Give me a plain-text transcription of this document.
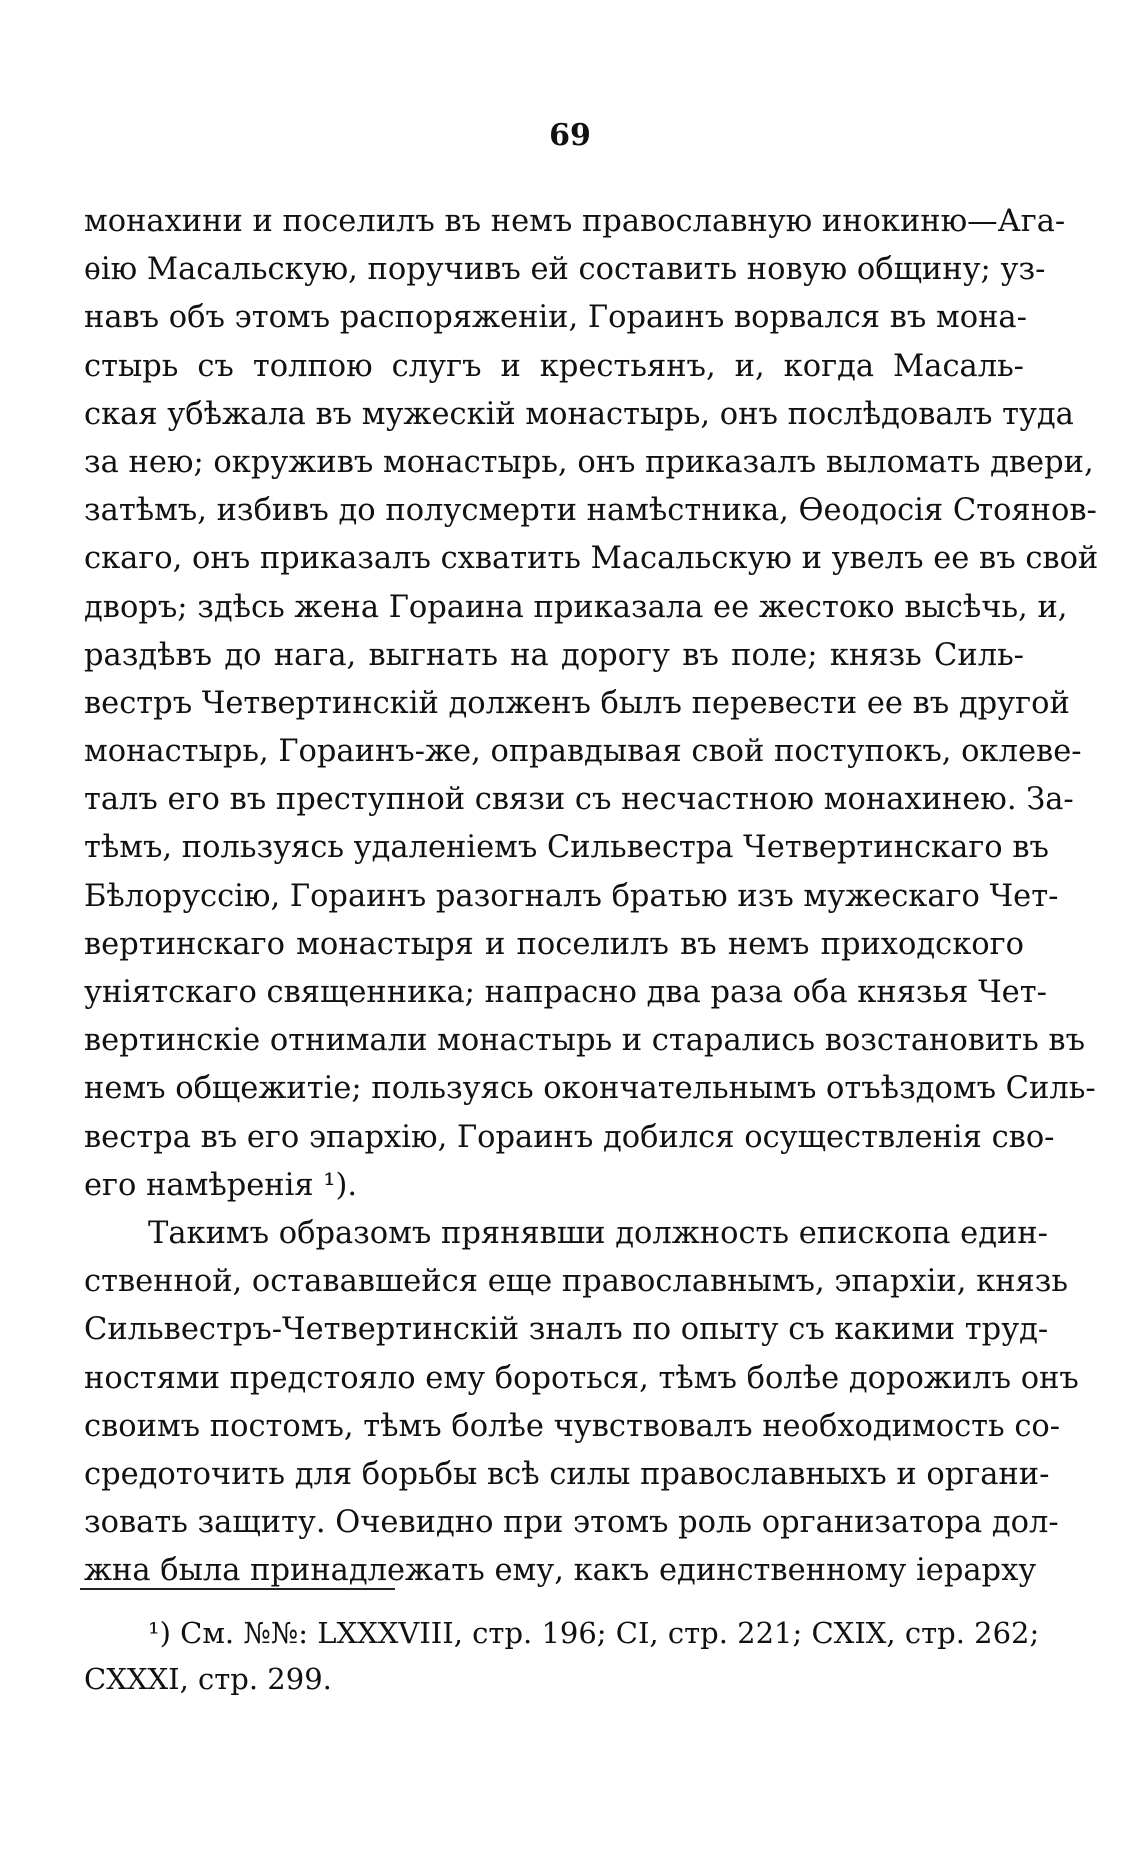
69
монахини и поселилъ въ немъ православную инокиню—Ага-
ѳiю Масальскую, поручивъ ей составить новую общину; уз-
навъ объ этомъ распоряженiи, Гораинъ ворвался въ мона-
стырь съ толпою слугъ и крестьянъ, и, когда Масаль-
ская убѣжала въ мужескiй монастырь, онъ послѣдовалъ туда
за нею; окруживъ монастырь, онъ приказалъ выломать двери,
затѣмъ, избивъ до полусмерти намѣстника, Ѳеодосiя Стоянов-
скаго, онъ приказалъ схватить Масальскую и увелъ ее въ свой
дворъ; здѣсь жена Гораина приказала ее жестоко высѣчь, и,
раздѣвъ до нага, выгнать на дорогу въ поле; князь Силь-
вестръ Четвертинскiй долженъ былъ перевести ее въ другой
монастырь, Гораинъ-же, оправдывая свой поступокъ, оклеве-
талъ его въ преступной связи съ несчастною монахинею. За-
тѣмъ, пользуясь удаленiемъ Сильвестра Четвертинскаго въ
Бѣлоруссiю, Гораинъ разогналъ братью изъ мужескаго Чет-
вертинскаго монастыря и поселилъ въ немъ приходского
унiятскаго священника; напрасно два раза оба князья Чет-
вертинскiе отнимали монастырь и старались возстановить въ
немъ общежитiе; пользуясь окончательнымъ отъѣздомъ Силь-
вестра въ его эпархiю, Гораинъ добился осуществленiя сво-
его намѣренiя ¹).
Такимъ образомъ прянявши должность епископа един-
ственной, остававшейся еще православнымъ, эпархiи, князь
Сильвестръ-Четвертинскiй зналъ по опыту съ какими труд-
ностями предстояло ему бороться, тѣмъ болѣе дорожилъ онъ
своимъ постомъ, тѣмъ болѣе чувствовалъ необходимость со-
средоточить для борьбы всѣ силы православныхъ и органи-
зовать защиту. Очевидно при этомъ роль организатора дол-
жна была принадлежать ему, какъ единственному iерарху
¹) См. №№: LXXXVIII, стр. 196; CI, стр. 221; CXIX, стр. 262;
CXXXI, стр. 299.
